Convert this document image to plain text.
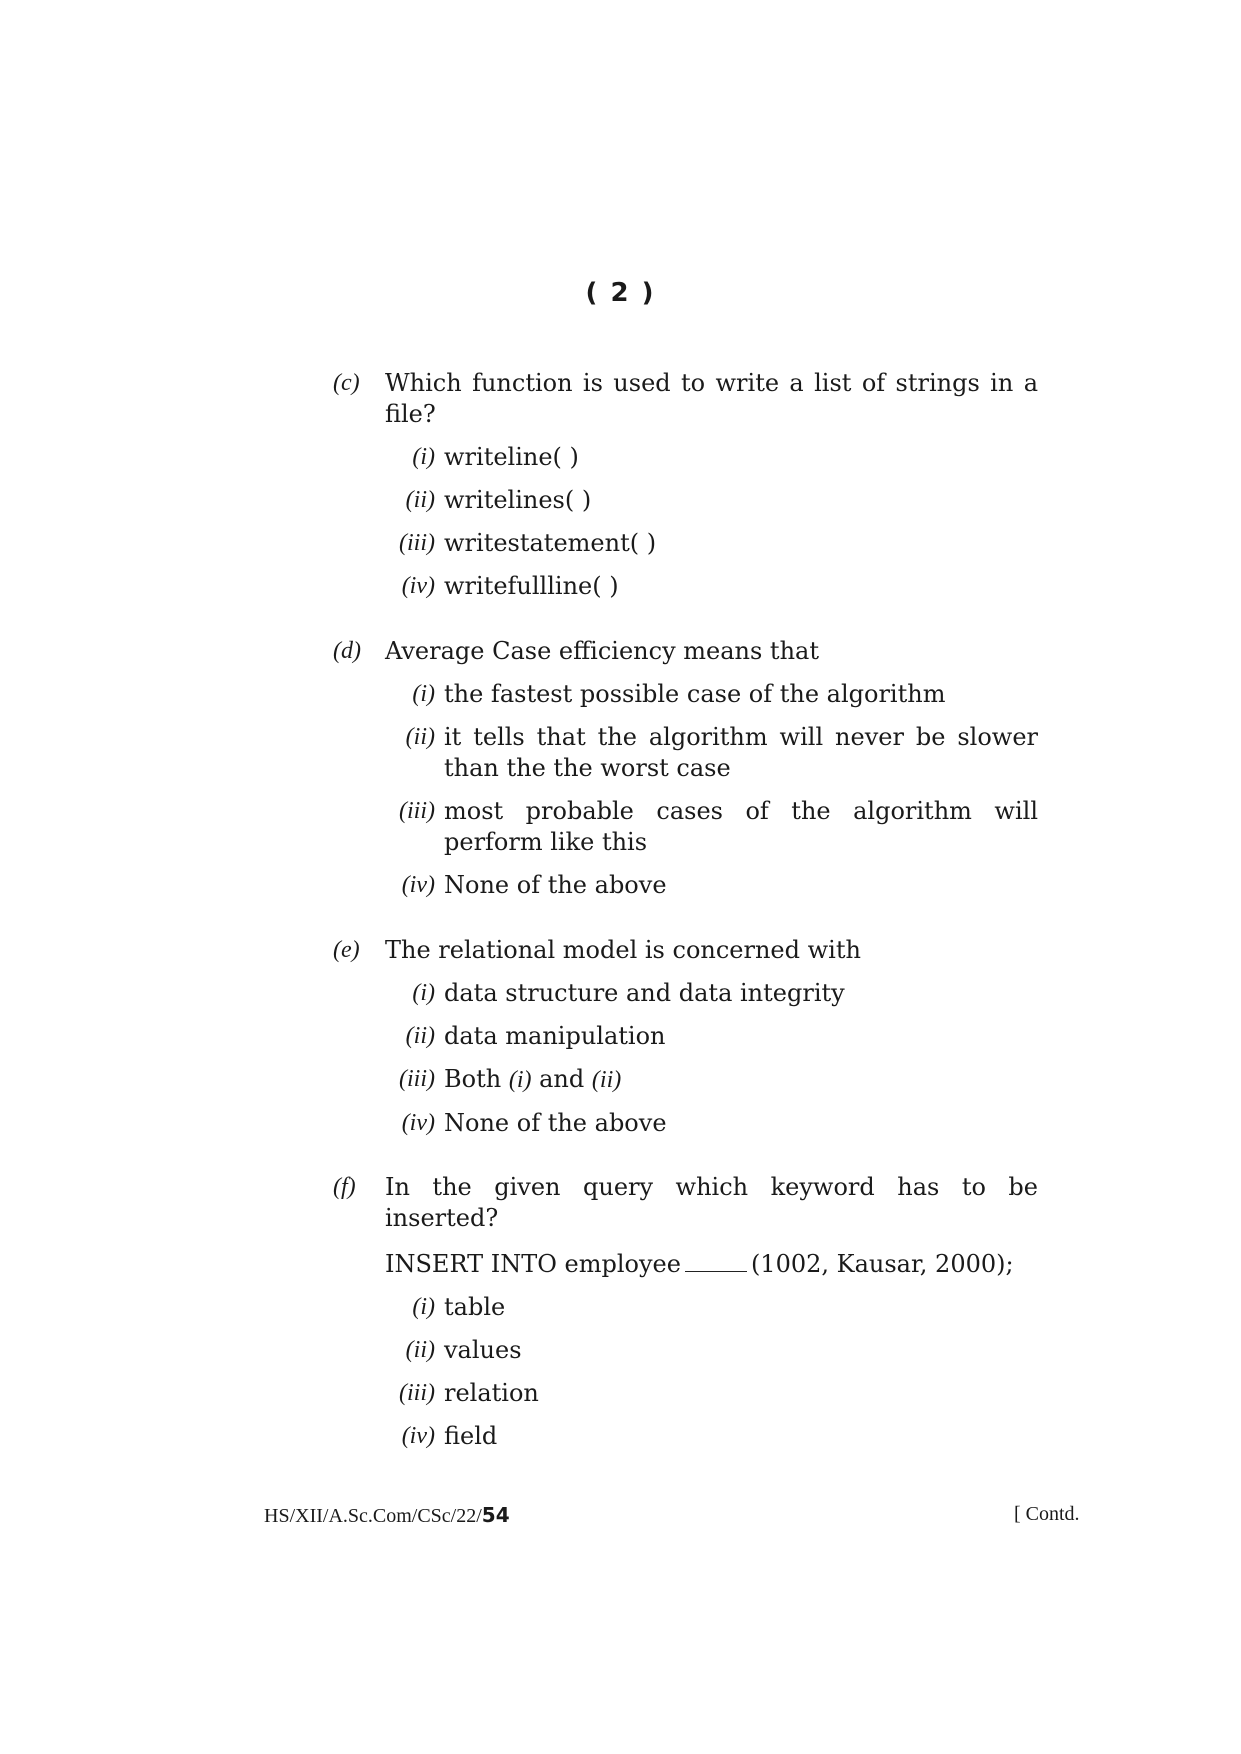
( 2 )
(c)	Which function is used to write a list of strings in a file?
(i) writeline( )
(ii) writelines( )
(iii) writestatement( )
(iv) writefullline( )
(d)	Average Case efficiency means that
(i) the fastest possible case of the algorithm
(ii) it tells that the algorithm will never be slower than the the worst case
(iii) most probable cases of the algorithm will perform like this
(iv) None of the above
(e)	The relational model is concerned with
(i) data structure and data integrity
(ii) data manipulation
(iii) Both (i) and (ii)
(iv) None of the above
(f)	In the given query which keyword has to be inserted?
INSERT INTO employee	(1002, Kausar, 2000);
(i) table
(ii) values
(iii) relation
(iv) field
HS/XII/A.Sc.Com/CSc/22/54	[ Contd.
